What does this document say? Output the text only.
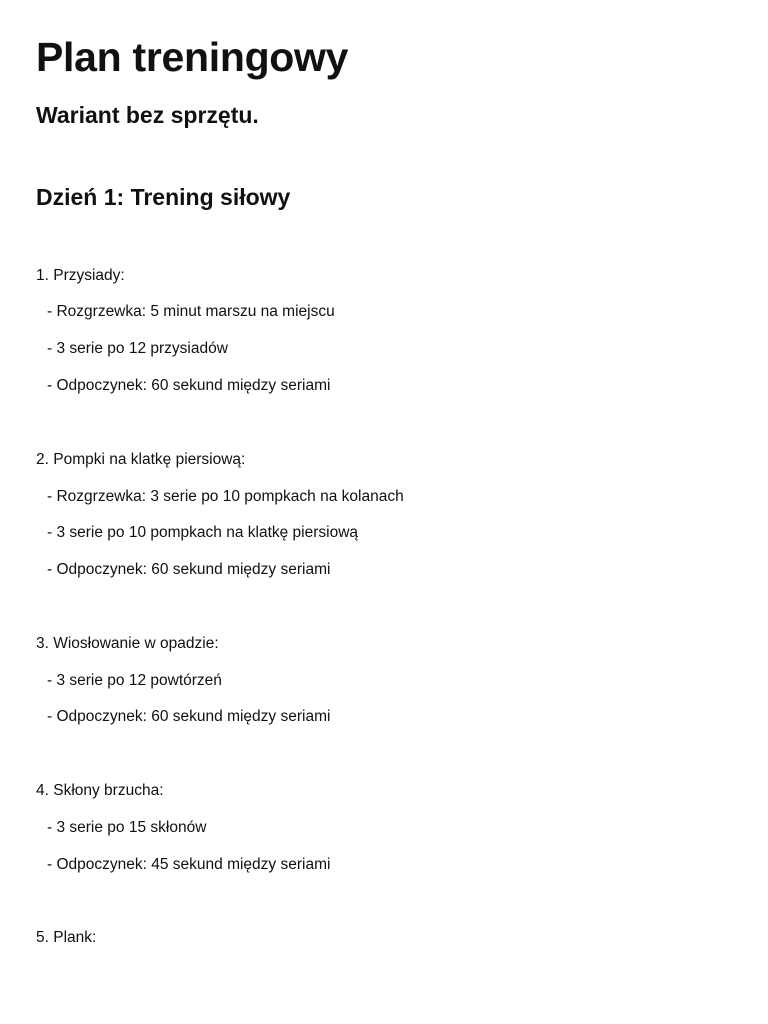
Plan treningowy
Wariant bez sprzętu.
Dzień 1: Trening siłowy
1. Przysiady:
- Rozgrzewka: 5 minut marszu na miejscu
- 3 serie po 12 przysiadów
- Odpoczynek: 60 sekund między seriami
2. Pompki na klatkę piersiową:
- Rozgrzewka: 3 serie po 10 pompkach na kolanach
- 3 serie po 10 pompkach na klatkę piersiową
- Odpoczynek: 60 sekund między seriami
3. Wiosłowanie w opadzie:
- 3 serie po 12 powtórzeń
- Odpoczynek: 60 sekund między seriami
4. Skłony brzucha:
- 3 serie po 15 skłonów
- Odpoczynek: 45 sekund między seriami
5. Plank:
